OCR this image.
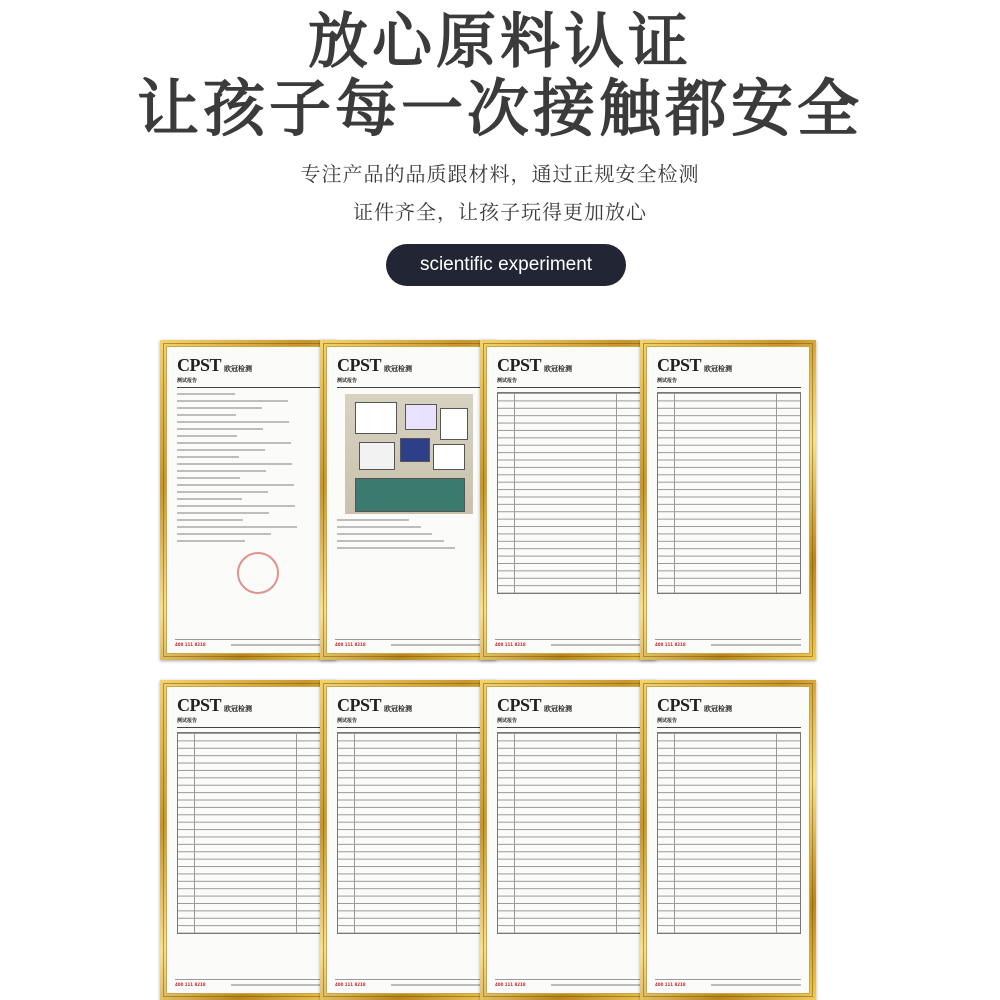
放心原料认证
让孩子每一次接触都安全
专注产品的品质跟材料，通过正规安全检测
证件齐全，让孩子玩得更加放心
scientific experiment
CPST 欧冠检测
测试报告
400 111 8218
CPST 欧冠检测
测试报告
400 111 8218
CPST 欧冠检测
测试报告
400 111 8218
CPST 欧冠检测
测试报告
400 111 8218
CPST 欧冠检测
测试报告
400 111 8218
CPST 欧冠检测
测试报告
400 111 8218
CPST 欧冠检测
测试报告
400 111 8218
CPST 欧冠检测
测试报告
400 111 8218
